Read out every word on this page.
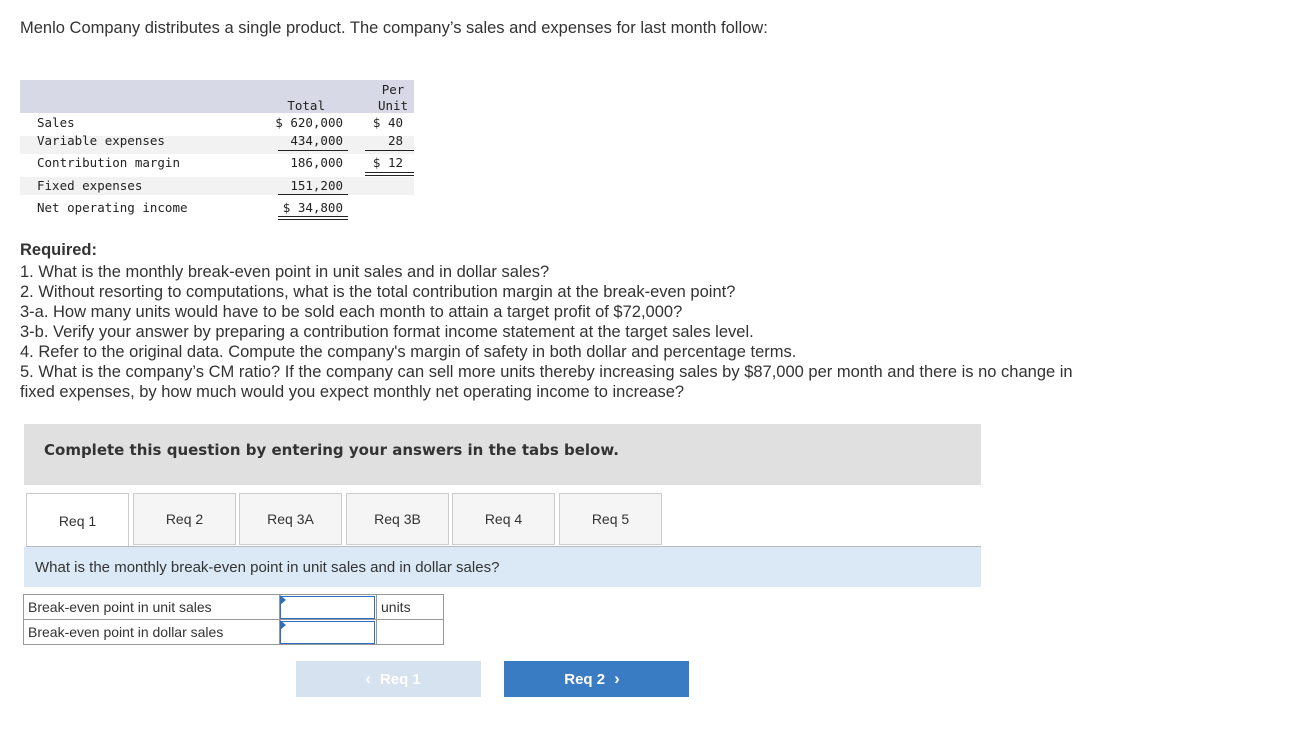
Menlo Company distributes a single product. The company’s sales and expenses for last month follow:
Per
Unit
Total
Sales	$ 620,000	$ 40
Variable expenses	434,000	28
Contribution margin	186,000	$ 12
Fixed expenses	151,200
Net operating income	$ 34,800
Required:
1. What is the monthly break-even point in unit sales and in dollar sales?
2. Without resorting to computations, what is the total contribution margin at the break-even point?
3-a. How many units would have to be sold each month to attain a target profit of $72,000?
3-b. Verify your answer by preparing a contribution format income statement at the target sales level.
4. Refer to the original data. Compute the company's margin of safety in both dollar and percentage terms.
5. What is the company’s CM ratio? If the company can sell more units thereby increasing sales by $87,000 per month and there is no change in fixed expenses, by how much would you expect monthly net operating income to increase?
Complete this question by entering your answers in the tabs below.
Req 1	Req 2	Req 3A	Req 3B	Req 4	Req 5
What is the monthly break-even point in unit sales and in dollar sales?
Break-even point in unit sales		units
Break-even point in dollar sales	

‹ Req 1	Req 2 ›
